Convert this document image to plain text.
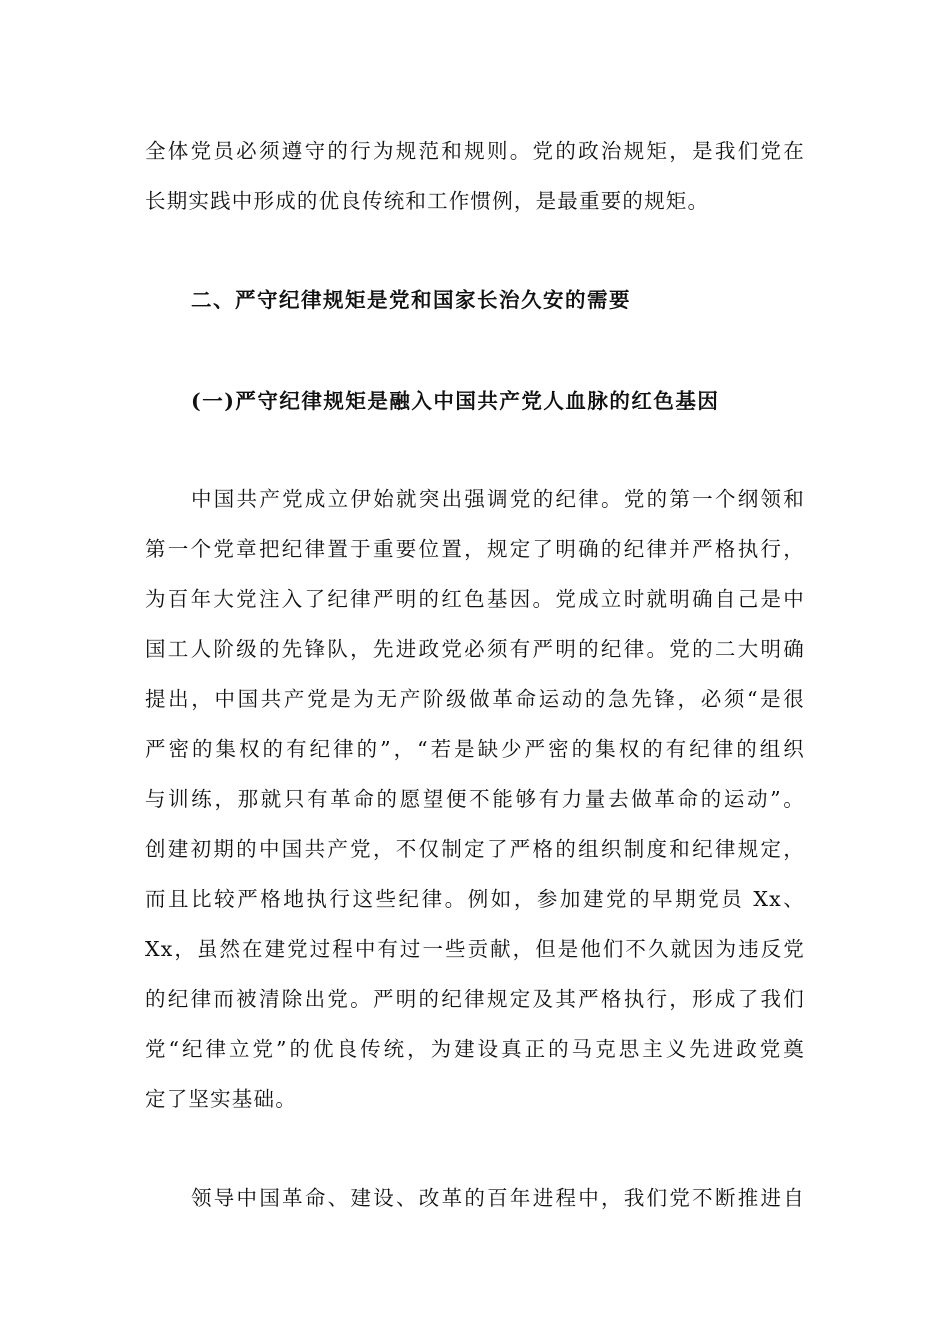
全体党员必须遵守的行为规范和规则。党的政治规矩，是我们党在
长期实践中形成的优良传统和工作惯例，是最重要的规矩。
二、严守纪律规矩是党和国家长治久安的需要
(一)严守纪律规矩是融入中国共产党人血脉的红色基因
中国共产党成立伊始就突出强调党的纪律。党的第一个纲领和
第一个党章把纪律置于重要位置，规定了明确的纪律并严格执行，
为百年大党注入了纪律严明的红色基因。党成立时就明确自己是中
国工人阶级的先锋队，先进政党必须有严明的纪律。党的二大明确
提出，中国共产党是为无产阶级做革命运动的急先锋，必须“是很
严密的集权的有纪律的”，“若是缺少严密的集权的有纪律的组织
与训练，那就只有革命的愿望便不能够有力量去做革命的运动”。
创建初期的中国共产党，不仅制定了严格的组织制度和纪律规定，
而且比较严格地执行这些纪律。例如，参加建党的早期党员 Xx、
Xx，虽然在建党过程中有过一些贡献，但是他们不久就因为违反党
的纪律而被清除出党。严明的纪律规定及其严格执行，形成了我们
党“纪律立党”的优良传统，为建设真正的马克思主义先进政党奠
定了坚实基础。
领导中国革命、建设、改革的百年进程中，我们党不断推进自
